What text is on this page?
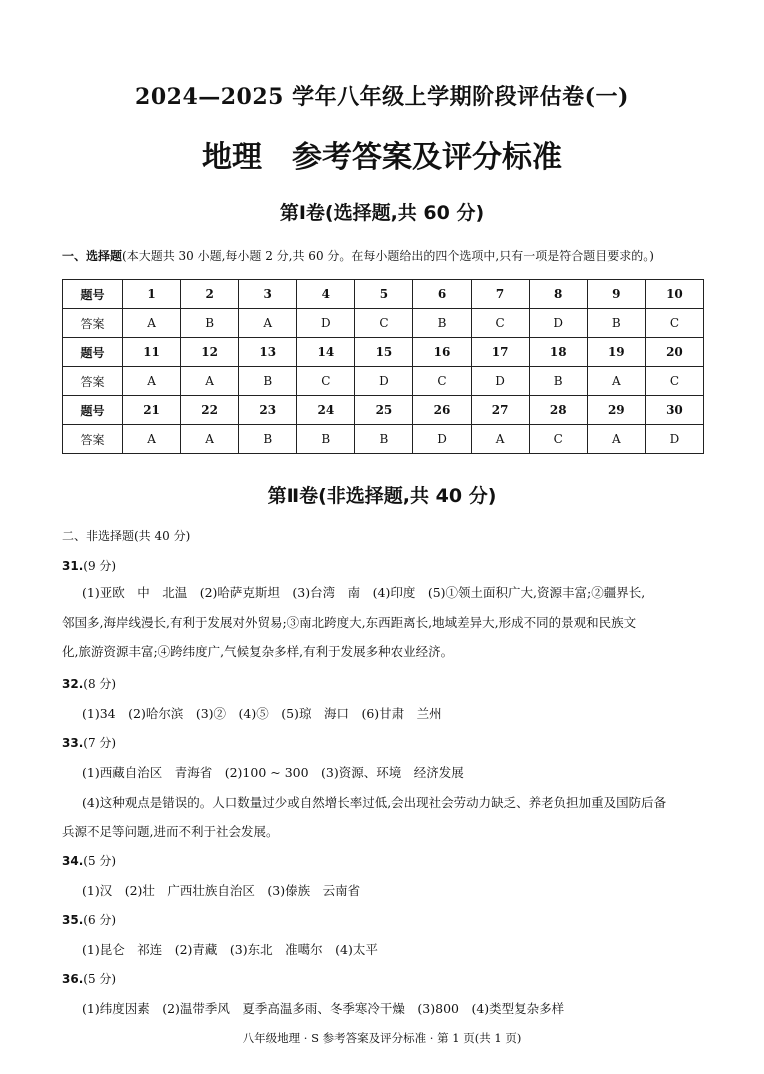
2024—2025 学年八年级上学期阶段评估卷(一)
地理 参考答案及评分标准
第Ⅰ卷(选择题,共 60 分)
一、选择题(本大题共 30 小题,每小题 2 分,共 60 分。在每小题给出的四个选项中,只有一项是符合题目要求的。)
题号	1	2	3	4	5	6	7	8	9	10
答案	A	B	A	D	C	B	C	D	B	C
题号	11	12	13	14	15	16	17	18	19	20
答案	A	A	B	C	D	C	D	B	A	C
题号	21	22	23	24	25	26	27	28	29	30
答案	A	A	B	B	B	D	A	C	A	D
第Ⅱ卷(非选择题,共 40 分)
二、非选择题(共 40 分)
31.(9 分)
(1)亚欧　中　北温　(2)哈萨克斯坦　(3)台湾　南　(4)印度　(5)①领土面积广大,资源丰富;②疆界长,
邻国多,海岸线漫长,有利于发展对外贸易;③南北跨度大,东西距离长,地域差异大,形成不同的景观和民族文
化,旅游资源丰富;④跨纬度广,气候复杂多样,有利于发展多种农业经济。
32.(8 分)
(1)34　(2)哈尔滨　(3)②　(4)⑤　(5)琼　海口　(6)甘肃　兰州
33.(7 分)
(1)西藏自治区　青海省　(2)100 ~ 300　(3)资源、环境　经济发展
(4)这种观点是错误的。人口数量过少或自然增长率过低,会出现社会劳动力缺乏、养老负担加重及国防后备
兵源不足等问题,进而不利于社会发展。
34.(5 分)
(1)汉　(2)壮　广西壮族自治区　(3)傣族　云南省
35.(6 分)
(1)昆仑　祁连　(2)青藏　(3)东北　准噶尔　(4)太平
36.(5 分)
(1)纬度因素　(2)温带季风　夏季高温多雨、冬季寒冷干燥　(3)800　(4)类型复杂多样
八年级地理 · S 参考答案及评分标准 · 第 1 页(共 1 页)
